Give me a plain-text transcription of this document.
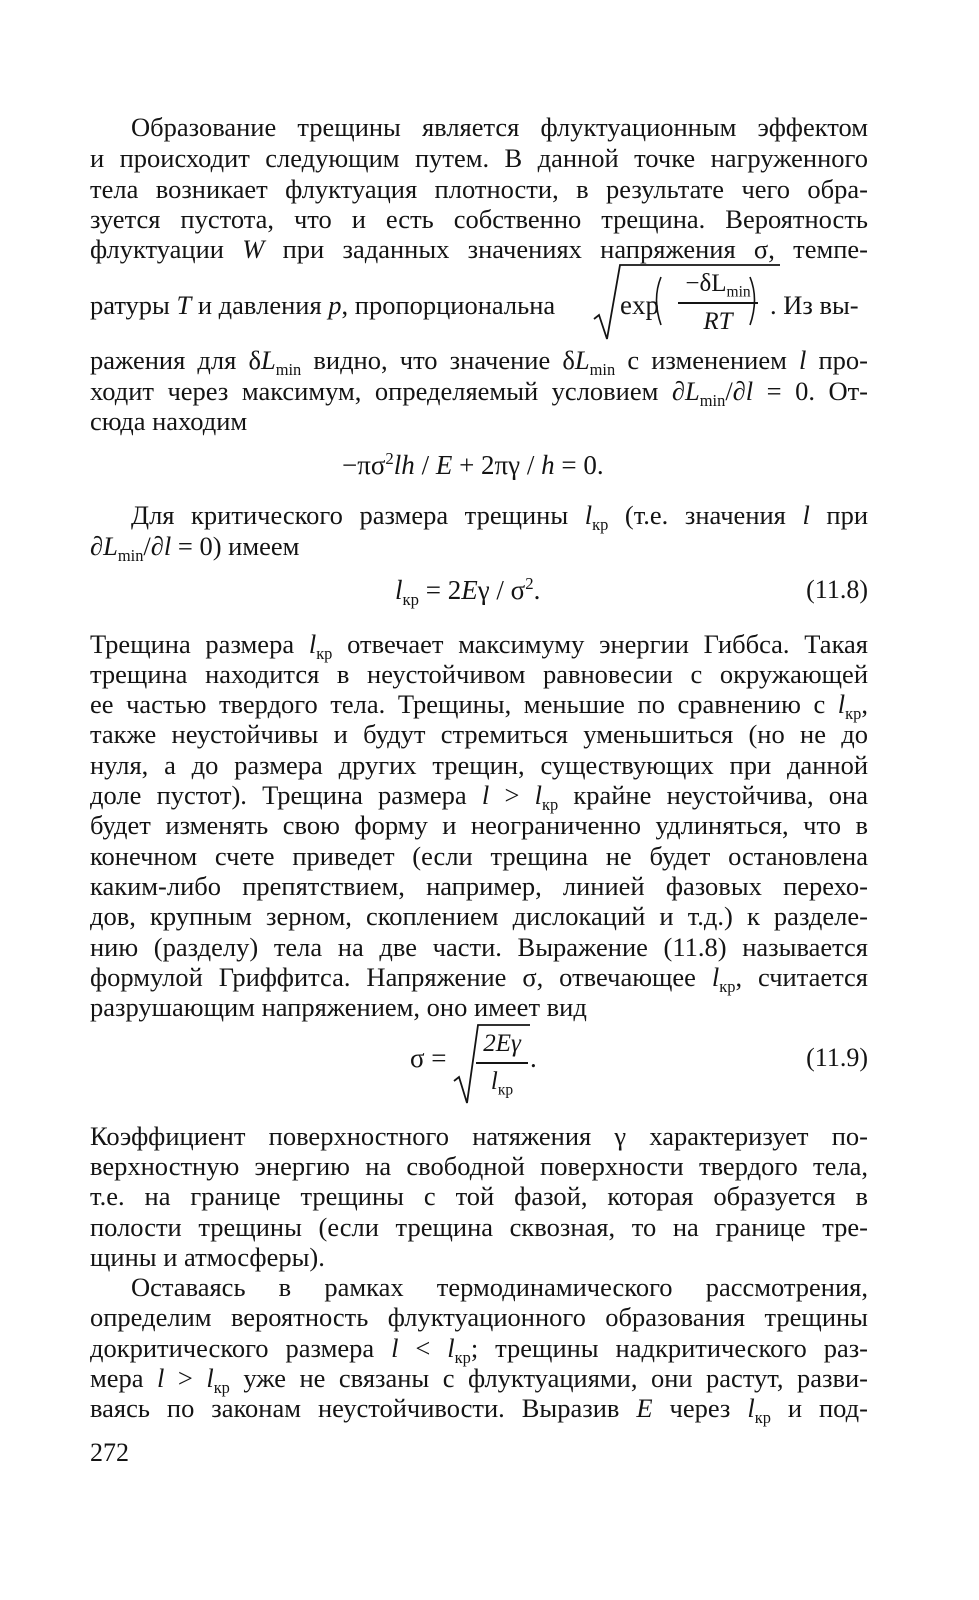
Образование трещины является флуктуационным эффектом
и происходит следующим путем. В данной точке нагруженного
тела возникает флуктуация плотности, в результате чего обра-
зуется пустота, что и есть собственно трещина. Вероятность
флуктуации W при заданных значениях напряжения σ, темпе-
ратуры T и давления p, пропорциональна	exp
$-\delta L_{min}$
RT
. Из вы-
ражения для $\delta L_{min}$ видно, что значение $\delta L_{min}$ с изменением l про-
ходит через максимум, определяемый условием $\partial L_{min}/\partial l = 0$. От-
сюда находим
$-\pi\sigma^2lh / E + 2\pi\gamma / h = 0$.
Для критического размера трещины $l_{кр}$ (т.е. значения l при
$\partial L_{min}/\partial l = 0$) имеем
$l_{кр} = 2E\gamma / \sigma^2$.	(11.8)
Трещина размера $l_{кр}$ отвечает максимуму энергии Гиббса. Такая
трещина находится в неустойчивом равновесии с окружающей
ее частью твердого тела. Трещины, меньшие по сравнению с $l_{кр}$,
также неустойчивы и будут стремиться уменьшиться (но не до
нуля, а до размера других трещин, существующих при данной
доле пустот). Трещина размера $l > l_{кр}$ крайне неустойчива, она
будет изменять свою форму и неограниченно удлиняться, что в
конечном счете приведет (если трещина не будет остановлена
каким-либо препятствием, например, линией фазовых перехо-
дов, крупным зерном, скоплением дислокаций и т.д.) к разделе-
нию (разделу) тела на две части. Выражение (11.8) называется
формулой Гриффитса. Напряжение σ, отвечающее $l_{кр}$, считается
разрушающим напряжением, оно имеет вид
σ =	2Eγ
$l_{кр}$
.	(11.9)
Коэффициент поверхностного натяжения γ характеризует по-
верхностную энергию на свободной поверхности твердого тела,
т.е. на границе трещины с той фазой, которая образуется в
полости трещины (если трещина сквозная, то на границе тре-
щины и атмосферы).
Оставаясь в рамках термодинамического рассмотрения,
определим вероятность флуктуационного образования трещины
докритического размера $l < l_{кр}$; трещины надкритического раз-
мера $l > l_{кр}$ уже не связаны с флуктуациями, они растут, разви-
ваясь по законам неустойчивости. Выразив E через $l_{кр}$ и под-
272
